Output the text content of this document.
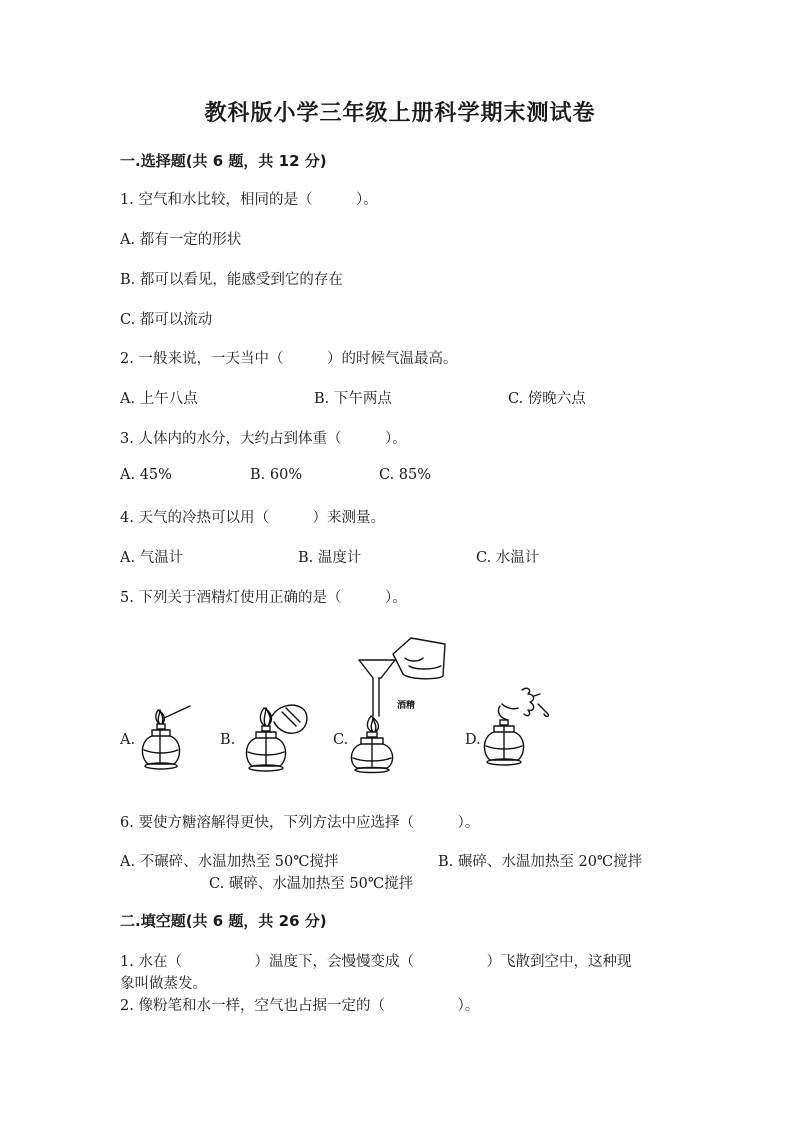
教科版小学三年级上册科学期末测试卷
一.选择题(共 6 题，共 12 分)
1. 空气和水比较，相同的是（　　　）。
A. 都有一定的形状
B. 都可以看见，能感受到它的存在
C. 都可以流动
2. 一般来说，一天当中（　　　）的时候气温最高。
A. 上午八点	B. 下午两点	C. 傍晚六点
3. 人体内的水分，大约占到体重（　　　）。
A. 45%	B. 60%	C. 85%
4. 天气的冷热可以用（　　　）来测量。
A. 气温计	B. 温度计	C. 水温计
5. 下列关于酒精灯使用正确的是（　　　）。
A.	B.	C.	D.
酒精
6. 要使方糖溶解得更快，下列方法中应选择（　　　）。
A. 不碾碎、水温加热至 50℃搅拌	B. 碾碎、水温加热至 20℃搅拌
C. 碾碎、水温加热至 50℃搅拌
二.填空题(共 6 题，共 26 分)
1. 水在（　　　　　）温度下，会慢慢变成（　　　　　）飞散到空中，这种现
象叫做蒸发。
2. 像粉笔和水一样，空气也占据一定的（　　　　　）。
